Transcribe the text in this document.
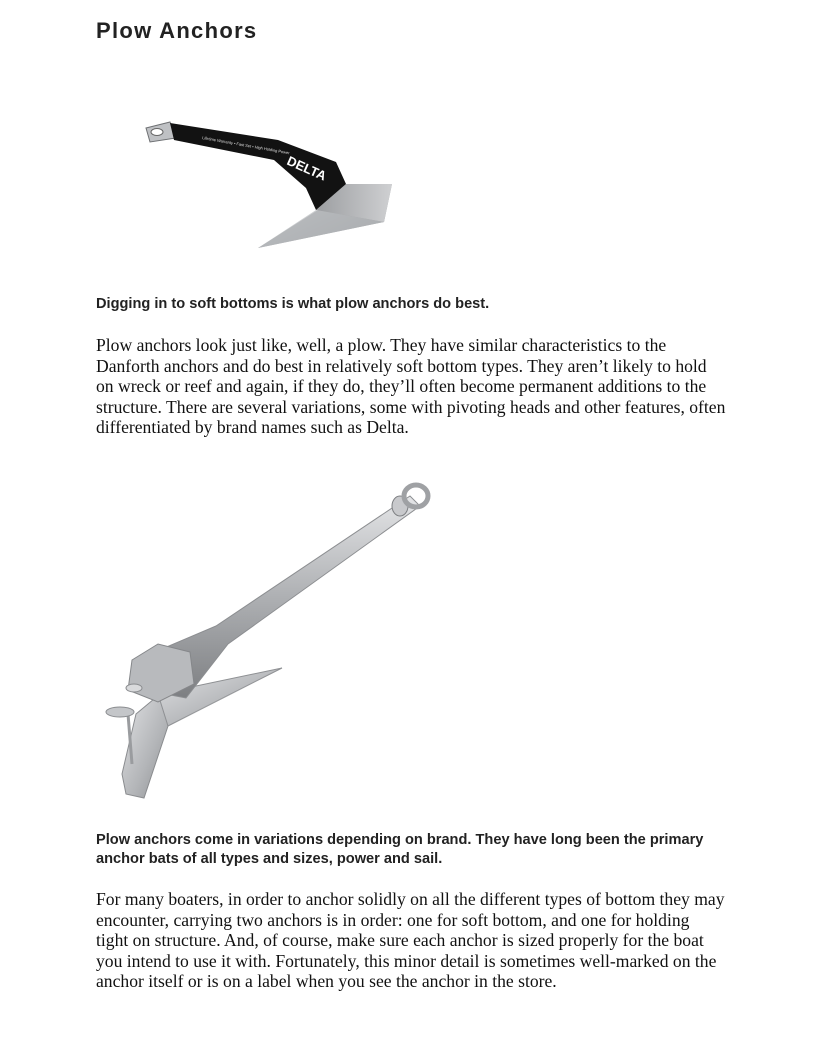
Plow Anchors
Lifetime Warranty • Fast Set • High Holding Power
DELTA

Digging in to soft bottoms is what plow anchors do best.

Plow anchors look just like, well, a plow. They have similar characteristics to the Danforth anchors and do best in relatively soft bottom types. They aren’t likely to hold on wreck or reef and again, if they do, they’ll often become permanent additions to the structure. There are several variations, some with pivoting heads and other features, often differentiated by brand names such as Delta.

Plow anchors come in variations depending on brand. They have long been the primary anchor bats of all types and sizes, power and sail.

For many boaters, in order to anchor solidly on all the different types of bottom they may encounter, carrying two anchors is in order: one for soft bottom, and one for holding tight on structure. And, of course, make sure each anchor is sized properly for the boat you intend to use it with. Fortunately, this minor detail is sometimes well-marked on the anchor itself or is on a label when you see the anchor in the store.
